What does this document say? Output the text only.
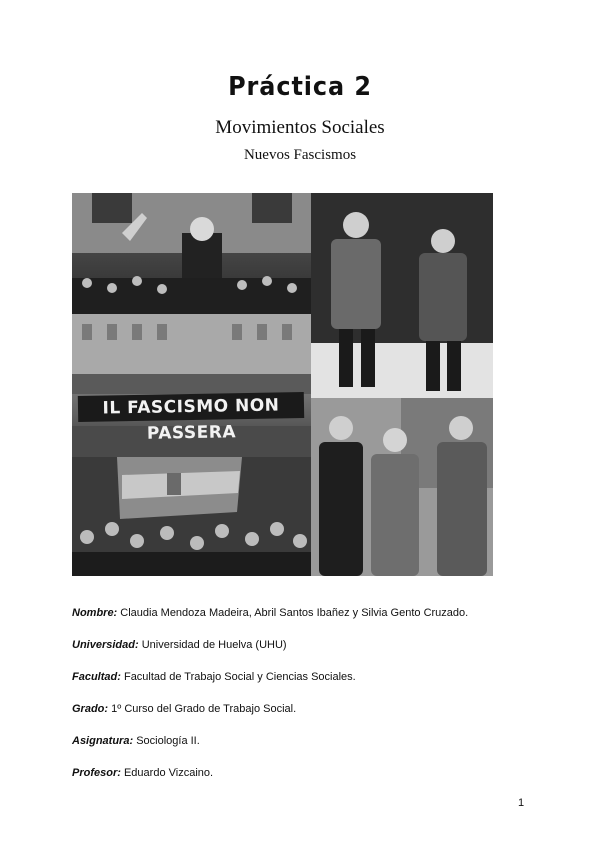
Práctica 2
Movimientos Sociales
Nuevos Fascismos
IL FASCISMO NON PASSERA
Nombre: Claudia Mendoza Madeira, Abril Santos Ibañez y Silvia Gento Cruzado.
Universidad: Universidad de Huelva (UHU)
Facultad: Facultad de Trabajo Social y Ciencias Sociales.
Grado: 1º Curso del Grado de Trabajo Social.
Asignatura: Sociología II.
Profesor: Eduardo Vizcaino.
1
